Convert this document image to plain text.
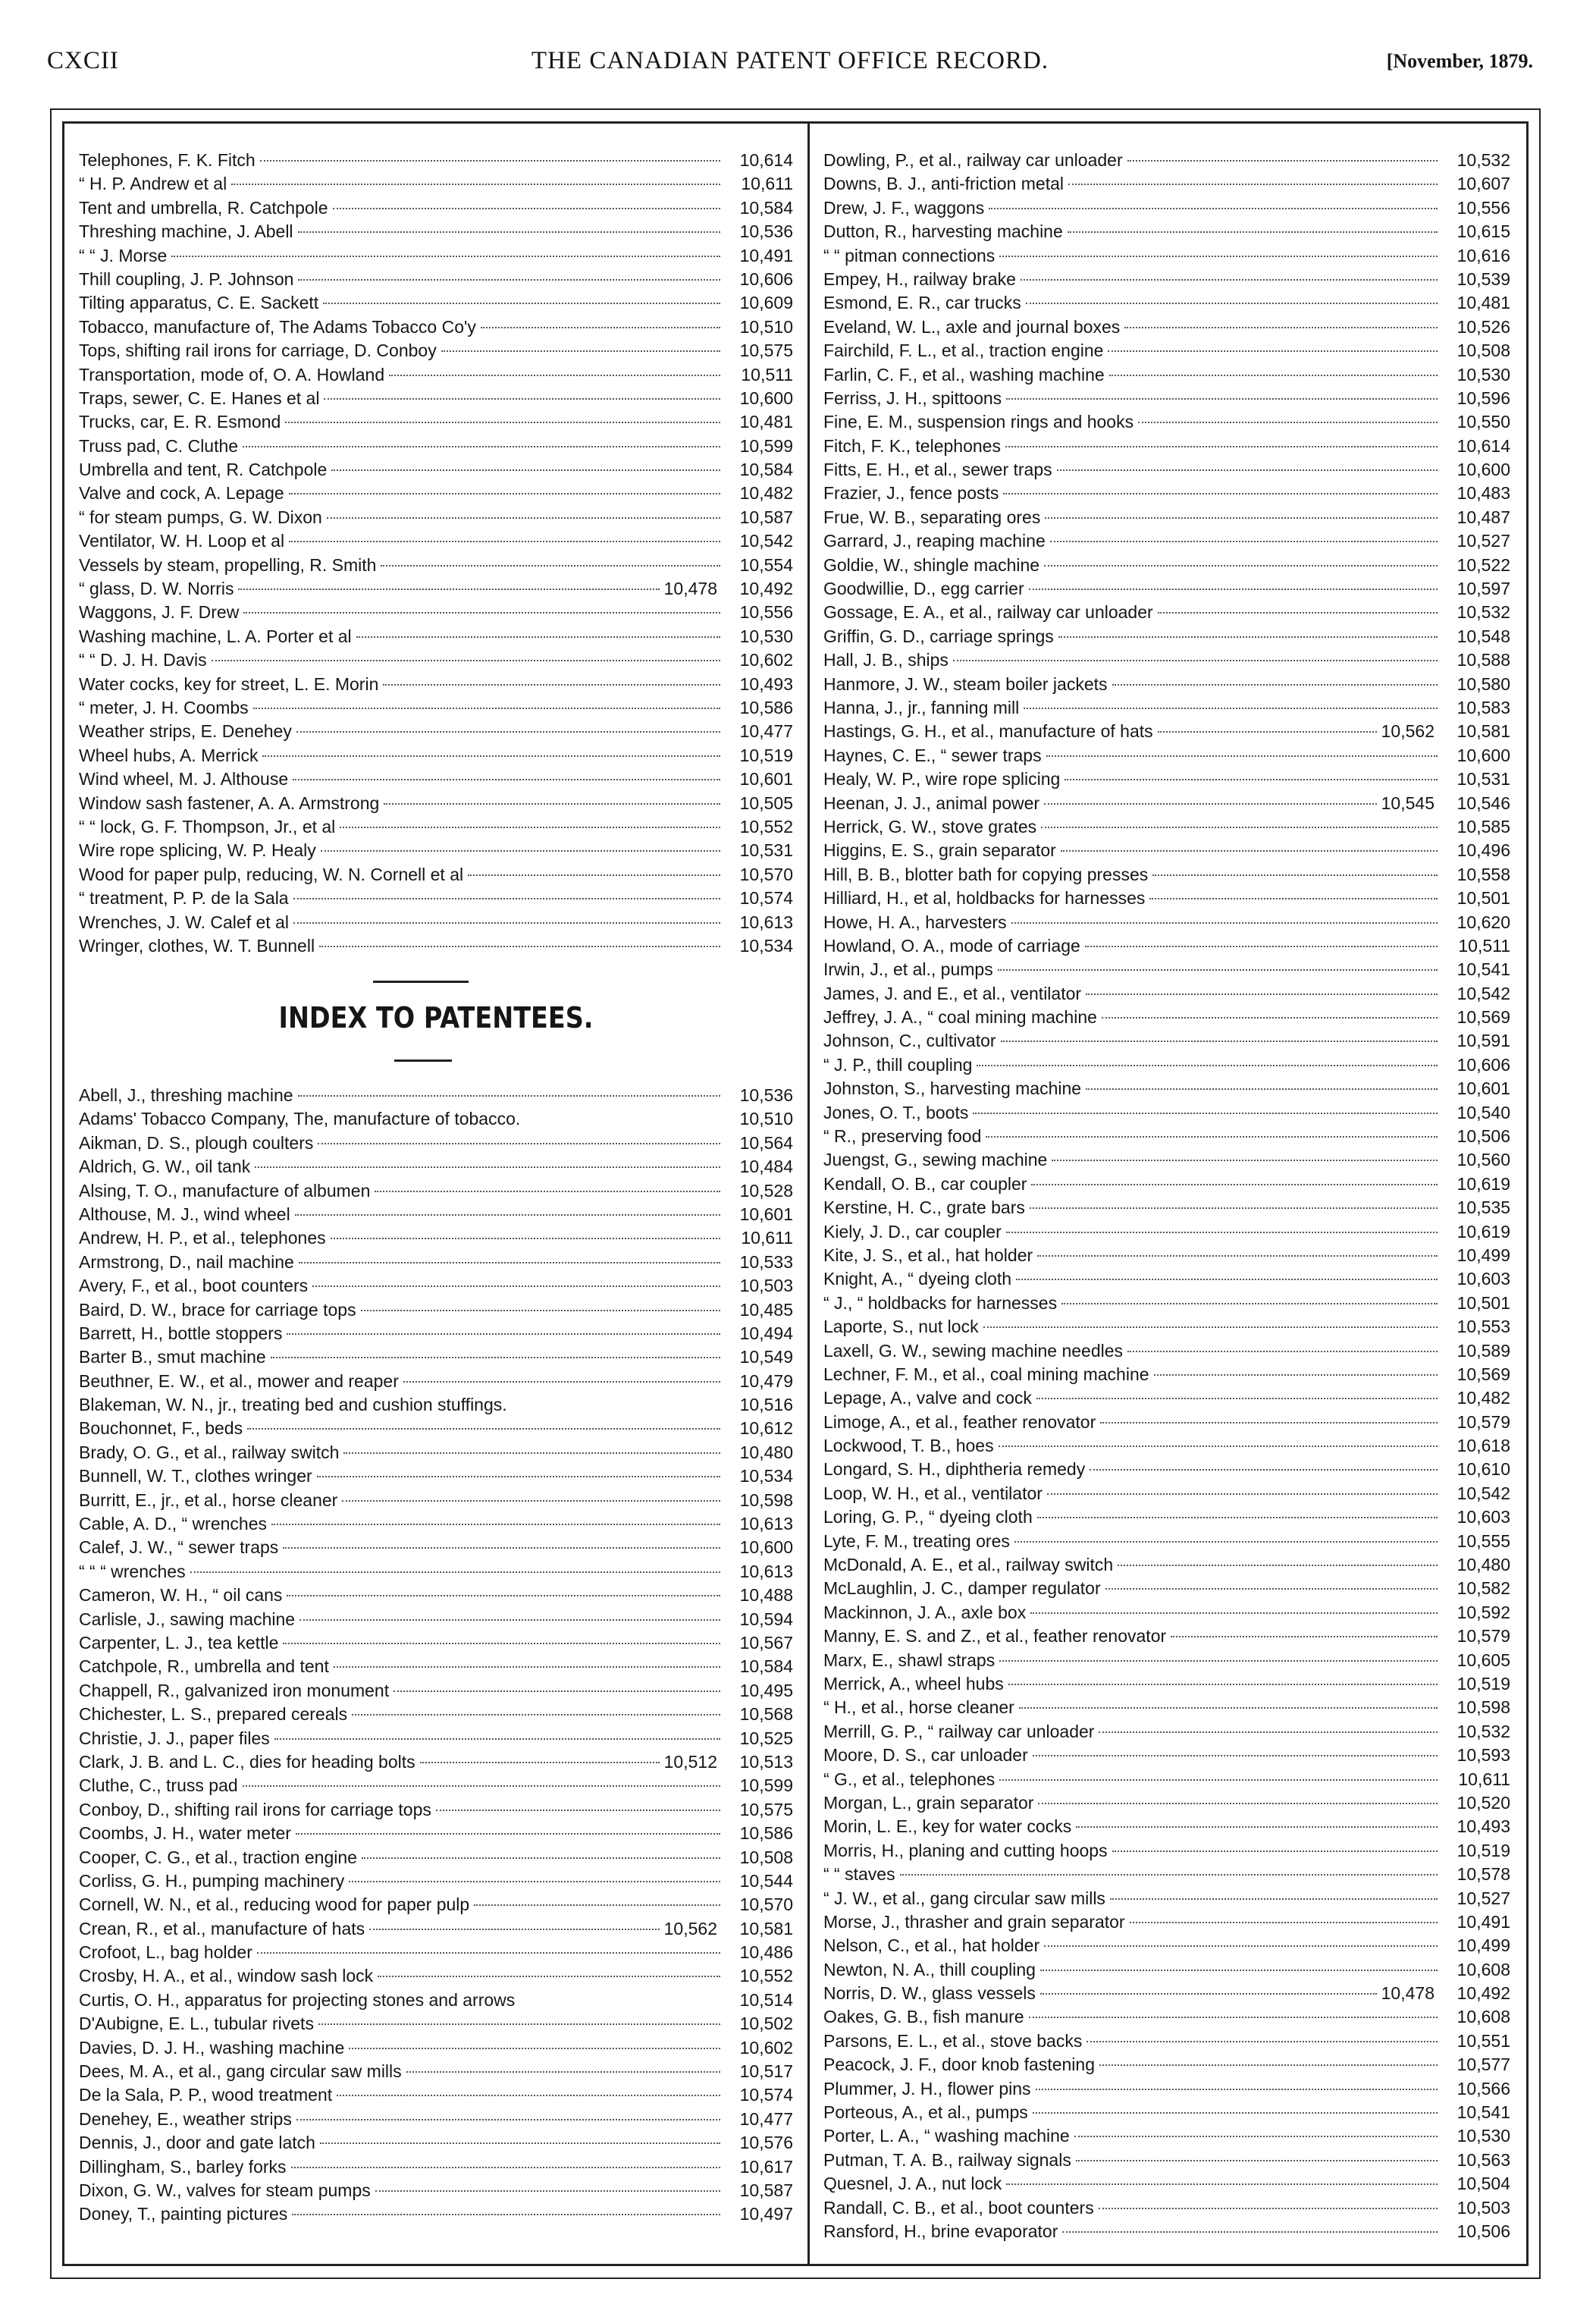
CXCII	THE CANADIAN PATENT OFFICE RECORD.	[November, 1879.
Telephones, F. K. Fitch	10,614
“ H. P. Andrew et al	10,611
Tent and umbrella, R. Catchpole	10,584
Threshing machine, J. Abell	10,536
“ “ J. Morse	10,491
Thill coupling, J. P. Johnson	10,606
Tilting apparatus, C. E. Sackett	10,609
Tobacco, manufacture of, The Adams Tobacco Co'y	10,510
Tops, shifting rail irons for carriage, D. Conboy	10,575
Transportation, mode of, O. A. Howland	10,511
Traps, sewer, C. E. Hanes et al	10,600
Trucks, car, E. R. Esmond	10,481
Truss pad, C. Cluthe	10,599
Umbrella and tent, R. Catchpole	10,584
Valve and cock, A. Lepage	10,482
“ for steam pumps, G. W. Dixon	10,587
Ventilator, W. H. Loop et al	10,542
Vessels by steam, propelling, R. Smith	10,554
“ glass, D. W. Norris	10,478	10,492
Waggons, J. F. Drew	10,556
Washing machine, L. A. Porter et al	10,530
“ “ D. J. H. Davis	10,602
Water cocks, key for street, L. E. Morin	10,493
“ meter, J. H. Coombs	10,586
Weather strips, E. Denehey	10,477
Wheel hubs, A. Merrick	10,519
Wind wheel, M. J. Althouse	10,601
Window sash fastener, A. A. Armstrong	10,505
“ “ lock, G. F. Thompson, Jr., et al	10,552
Wire rope splicing, W. P. Healy	10,531
Wood for paper pulp, reducing, W. N. Cornell et al	10,570
“ treatment, P. P. de la Sala	10,574
Wrenches, J. W. Calef et al	10,613
Wringer, clothes, W. T. Bunnell	10,534
INDEX TO PATENTEES.
Abell, J., threshing machine	10,536
Adams' Tobacco Company, The, manufacture of tobacco.	10,510
Aikman, D. S., plough coulters	10,564
Aldrich, G. W., oil tank	10,484
Alsing, T. O., manufacture of albumen	10,528
Althouse, M. J., wind wheel	10,601
Andrew, H. P., et al., telephones	10,611
Armstrong, D., nail machine	10,533
Avery, F., et al., boot counters	10,503
Baird, D. W., brace for carriage tops	10,485
Barrett, H., bottle stoppers	10,494
Barter B., smut machine	10,549
Beuthner, E. W., et al., mower and reaper	10,479
Blakeman, W. N., jr., treating bed and cushion stuffings.	10,516
Bouchonnet, F., beds	10,612
Brady, O. G., et al., railway switch	10,480
Bunnell, W. T., clothes wringer	10,534
Burritt, E., jr., et al., horse cleaner	10,598
Cable, A. D., “ wrenches	10,613
Calef, J. W., “ sewer traps	10,600
“ “ “ wrenches	10,613
Cameron, W. H., “ oil cans	10,488
Carlisle, J., sawing machine	10,594
Carpenter, L. J., tea kettle	10,567
Catchpole, R., umbrella and tent	10,584
Chappell, R., galvanized iron monument	10,495
Chichester, L. S., prepared cereals	10,568
Christie, J. J., paper files	10,525
Clark, J. B. and L. C., dies for heading bolts	10,512	10,513
Cluthe, C., truss pad	10,599
Conboy, D., shifting rail irons for carriage tops	10,575
Coombs, J. H., water meter	10,586
Cooper, C. G., et al., traction engine	10,508
Corliss, G. H., pumping machinery	10,544
Cornell, W. N., et al., reducing wood for paper pulp	10,570
Crean, R., et al., manufacture of hats	10,562	10,581
Crofoot, L., bag holder	10,486
Crosby, H. A., et al., window sash lock	10,552
Curtis, O. H., apparatus for projecting stones and arrows	10,514
D'Aubigne, E. L., tubular rivets	10,502
Davies, D. J. H., washing machine	10,602
Dees, M. A., et al., gang circular saw mills	10,517
De la Sala, P. P., wood treatment	10,574
Denehey, E., weather strips	10,477
Dennis, J., door and gate latch	10,576
Dillingham, S., barley forks	10,617
Dixon, G. W., valves for steam pumps	10,587
Doney, T., painting pictures	10,497
Dowling, P., et al., railway car unloader	10,532
Downs, B. J., anti-friction metal	10,607
Drew, J. F., waggons	10,556
Dutton, R., harvesting machine	10,615
“ “ pitman connections	10,616
Empey, H., railway brake	10,539
Esmond, E. R., car trucks	10,481
Eveland, W. L., axle and journal boxes	10,526
Fairchild, F. L., et al., traction engine	10,508
Farlin, C. F., et al., washing machine	10,530
Ferriss, J. H., spittoons	10,596
Fine, E. M., suspension rings and hooks	10,550
Fitch, F. K., telephones	10,614
Fitts, E. H., et al., sewer traps	10,600
Frazier, J., fence posts	10,483
Frue, W. B., separating ores	10,487
Garrard, J., reaping machine	10,527
Goldie, W., shingle machine	10,522
Goodwillie, D., egg carrier	10,597
Gossage, E. A., et al., railway car unloader	10,532
Griffin, G. D., carriage springs	10,548
Hall, J. B., ships	10,588
Hanmore, J. W., steam boiler jackets	10,580
Hanna, J., jr., fanning mill	10,583
Hastings, G. H., et al., manufacture of hats	10,562	10,581
Haynes, C. E., “ sewer traps	10,600
Healy, W. P., wire rope splicing	10,531
Heenan, J. J., animal power	10,545	10,546
Herrick, G. W., stove grates	10,585
Higgins, E. S., grain separator	10,496
Hill, B. B., blotter bath for copying presses	10,558
Hilliard, H., et al, holdbacks for harnesses	10,501
Howe, H. A., harvesters	10,620
Howland, O. A., mode of carriage	10,511
Irwin, J., et al., pumps	10,541
James, J. and E., et al., ventilator	10,542
Jeffrey, J. A., “ coal mining machine	10,569
Johnson, C., cultivator	10,591
“ J. P., thill coupling	10,606
Johnston, S., harvesting machine	10,601
Jones, O. T., boots	10,540
“ R., preserving food	10,506
Juengst, G., sewing machine	10,560
Kendall, O. B., car coupler	10,619
Kerstine, H. C., grate bars	10,535
Kiely, J. D., car coupler	10,619
Kite, J. S., et al., hat holder	10,499
Knight, A., “ dyeing cloth	10,603
“ J., “ holdbacks for harnesses	10,501
Laporte, S., nut lock	10,553
Laxell, G. W., sewing machine needles	10,589
Lechner, F. M., et al., coal mining machine	10,569
Lepage, A., valve and cock	10,482
Limoge, A., et al., feather renovator	10,579
Lockwood, T. B., hoes	10,618
Longard, S. H., diphtheria remedy	10,610
Loop, W. H., et al., ventilator	10,542
Loring, G. P., “ dyeing cloth	10,603
Lyte, F. M., treating ores	10,555
McDonald, A. E., et al., railway switch	10,480
McLaughlin, J. C., damper regulator	10,582
Mackinnon, J. A., axle box	10,592
Manny, E. S. and Z., et al., feather renovator	10,579
Marx, E., shawl straps	10,605
Merrick, A., wheel hubs	10,519
“ H., et al., horse cleaner	10,598
Merrill, G. P., “ railway car unloader	10,532
Moore, D. S., car unloader	10,593
“ G., et al., telephones	10,611
Morgan, L., grain separator	10,520
Morin, L. E., key for water cocks	10,493
Morris, H., planing and cutting hoops	10,519
“ “ staves	10,578
“ J. W., et al., gang circular saw mills	10,527
Morse, J., thrasher and grain separator	10,491
Nelson, C., et al., hat holder	10,499
Newton, N. A., thill coupling	10,608
Norris, D. W., glass vessels	10,478	10,492
Oakes, G. B., fish manure	10,608
Parsons, E. L., et al., stove backs	10,551
Peacock, J. F., door knob fastening	10,577
Plummer, J. H., flower pins	10,566
Porteous, A., et al., pumps	10,541
Porter, L. A., “ washing machine	10,530
Putman, T. A. B., railway signals	10,563
Quesnel, J. A., nut lock	10,504
Randall, C. B., et al., boot counters	10,503
Ransford, H., brine evaporator	10,506
